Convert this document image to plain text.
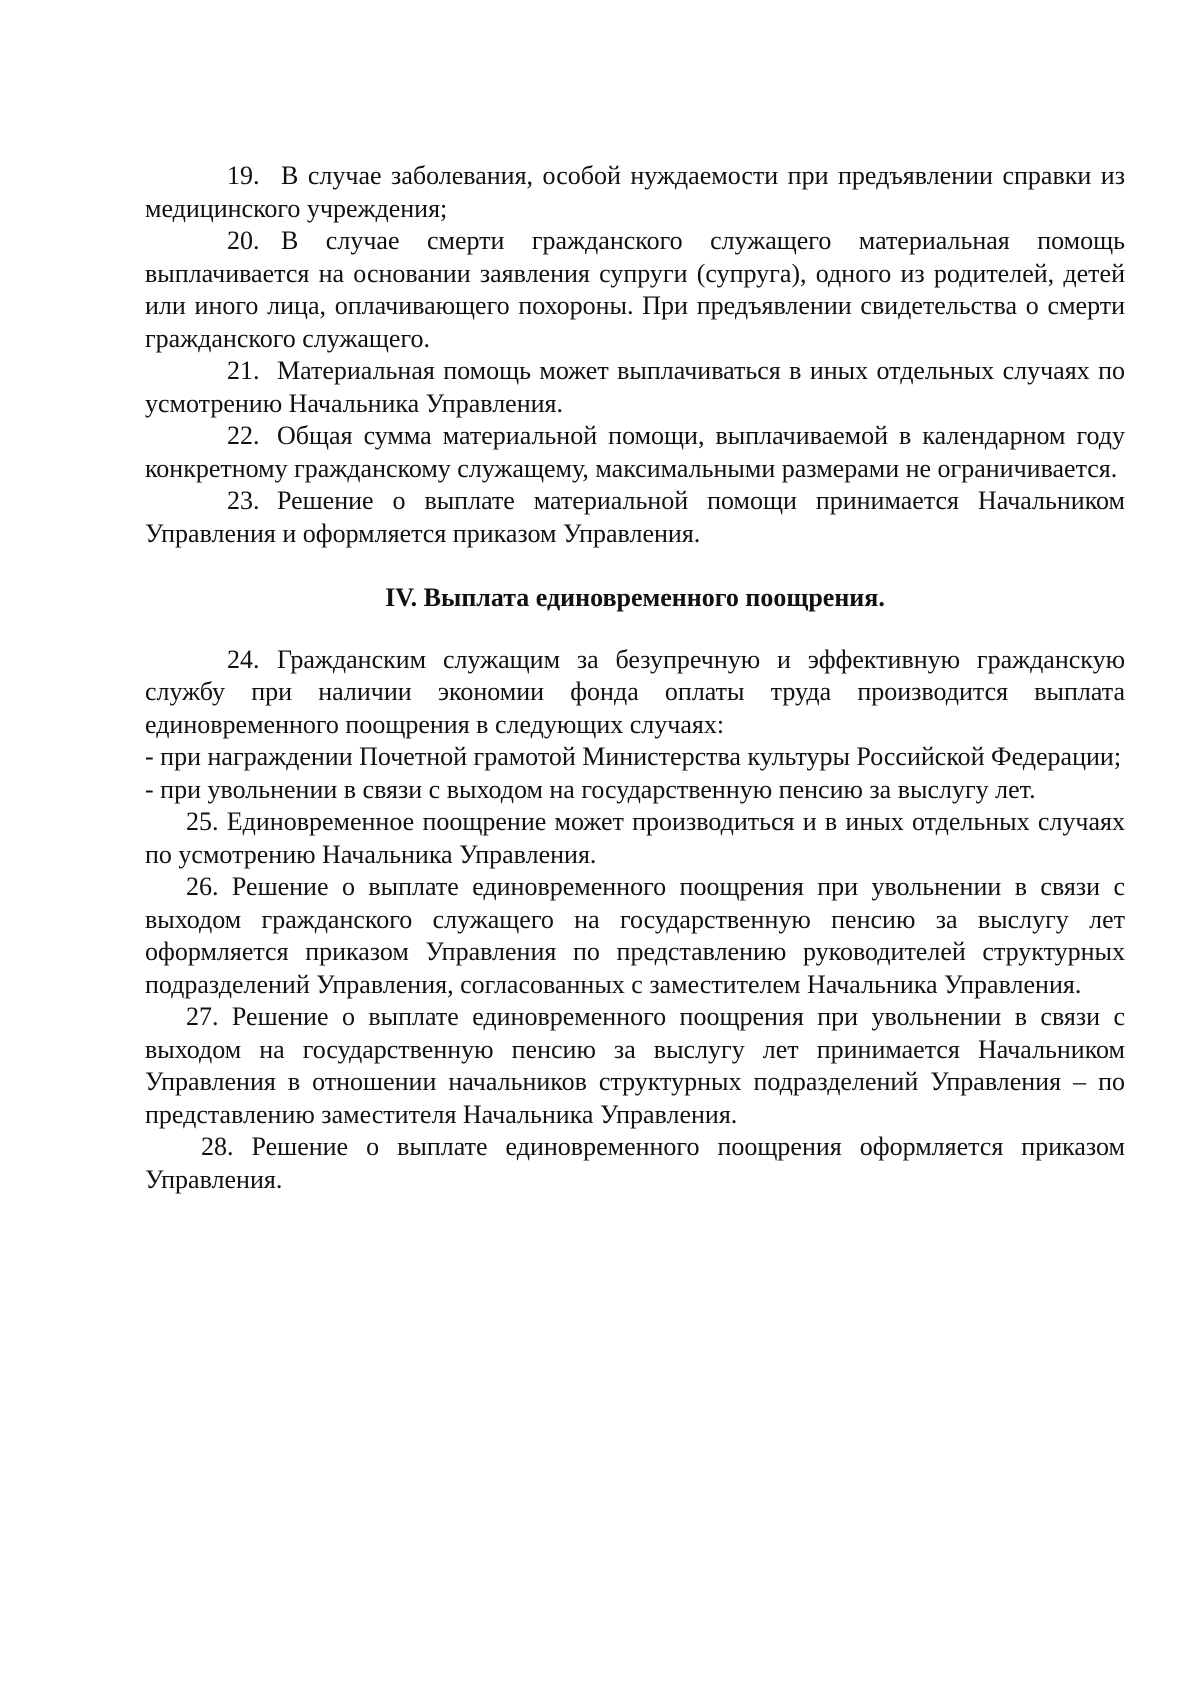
19. В случае заболевания, особой нуждаемости при предъявлении справки из медицинского учреждения;

20. В случае смерти гражданского служащего материальная помощь выплачивается на основании заявления супруги (супруга), одного из родителей, детей или иного лица, оплачивающего похороны. При предъявлении свидетельства о смерти гражданского служащего.

21. Материальная помощь может выплачиваться в иных отдельных случаях по усмотрению Начальника Управления.

22. Общая сумма материальной помощи, выплачиваемой в календарном году конкретному гражданскому служащему, максимальными размерами не ограничивается.

23. Решение о выплате материальной помощи принимается Начальником Управления и оформляется приказом Управления.

IV. Выплата единовременного поощрения.

24. Гражданским служащим за безупречную и эффективную гражданскую службу при наличии экономии фонда оплаты труда производится выплата единовременного поощрения в следующих случаях:

- при награждении Почетной грамотой Министерства культуры Российской Федерации;

- при увольнении в связи с выходом на государственную пенсию за выслугу лет.

25. Единовременное поощрение может производиться и в иных отдельных случаях по усмотрению Начальника Управления.

26. Решение о выплате единовременного поощрения при увольнении в связи с выходом гражданского служащего на государственную пенсию за выслугу лет оформляется приказом Управления по представлению руководителей структурных подразделений Управления, согласованных с заместителем Начальника Управления.

27. Решение о выплате единовременного поощрения при увольнении в связи с выходом на государственную пенсию за выслугу лет принимается Начальником Управления в отношении начальников структурных подразделений Управления – по представлению заместителя Начальника Управления.

28. Решение о выплате единовременного поощрения оформляется приказом Управления.
